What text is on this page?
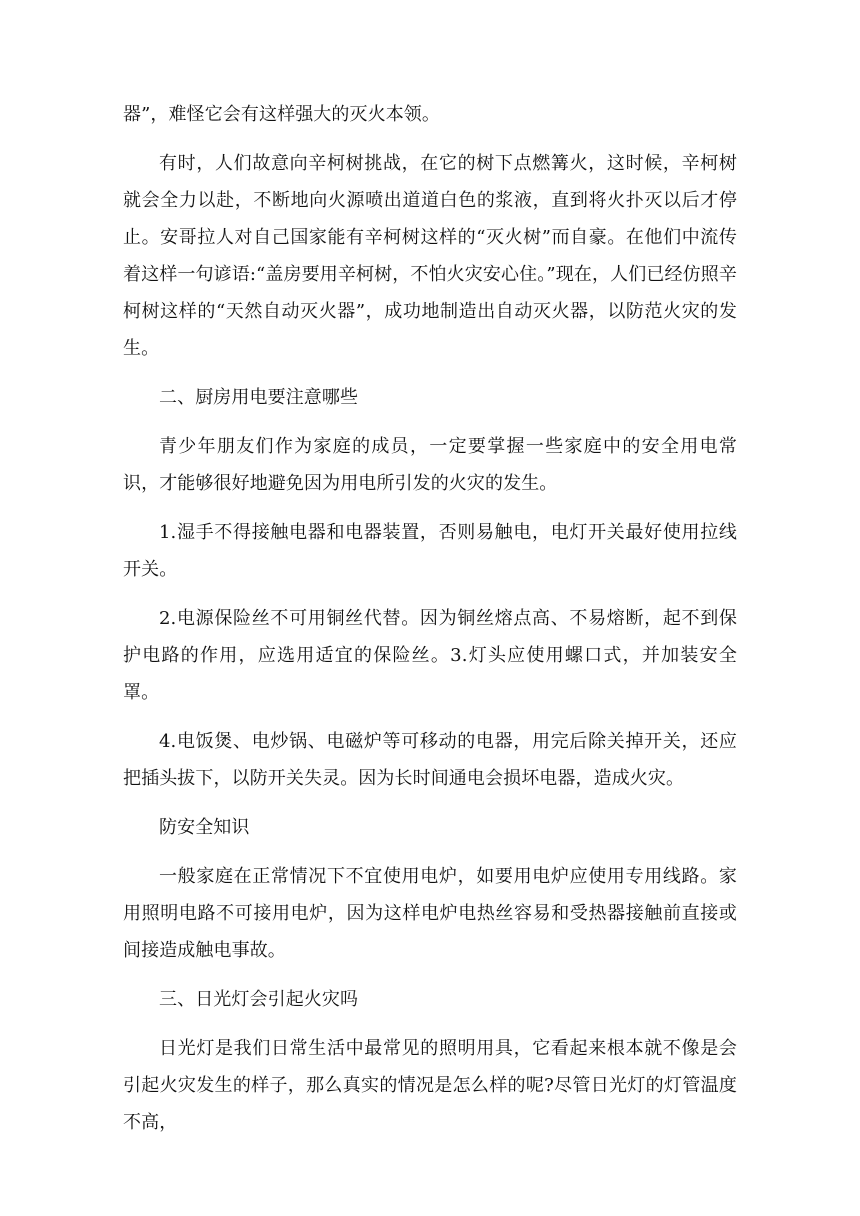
器”，难怪它会有这样强大的灭火本领。

有时，人们故意向辛柯树挑战，在它的树下点燃篝火，这时候，辛柯树就会全力以赴，不断地向火源喷出道道白色的浆液，直到将火扑灭以后才停止。安哥拉人对自己国家能有辛柯树这样的“灭火树”而自豪。在他们中流传着这样一句谚语:“盖房要用辛柯树，不怕火灾安心住。”现在，人们已经仿照辛柯树这样的“天然自动灭火器”，成功地制造出自动灭火器，以防范火灾的发生。

二、厨房用电要注意哪些

青少年朋友们作为家庭的成员，一定要掌握一些家庭中的安全用电常识，才能够很好地避免因为用电所引发的火灾的发生。

1.湿手不得接触电器和电器装置，否则易触电，电灯开关最好使用拉线开关。

2.电源保险丝不可用铜丝代替。因为铜丝熔点高、不易熔断，起不到保护电路的作用，应选用适宜的保险丝。3.灯头应使用螺口式，并加装安全罩。

4.电饭煲、电炒锅、电磁炉等可移动的电器，用完后除关掉开关，还应把插头拔下，以防开关失灵。因为长时间通电会损坏电器，造成火灾。

防安全知识

一般家庭在正常情况下不宜使用电炉，如要用电炉应使用专用线路。家用照明电路不可接用电炉，因为这样电炉电热丝容易和受热器接触前直接或间接造成触电事故。

三、日光灯会引起火灾吗

日光灯是我们日常生活中最常见的照明用具，它看起来根本就不像是会引起火灾发生的样子，那么真实的情况是怎么样的呢?尽管日光灯的灯管温度不高，
